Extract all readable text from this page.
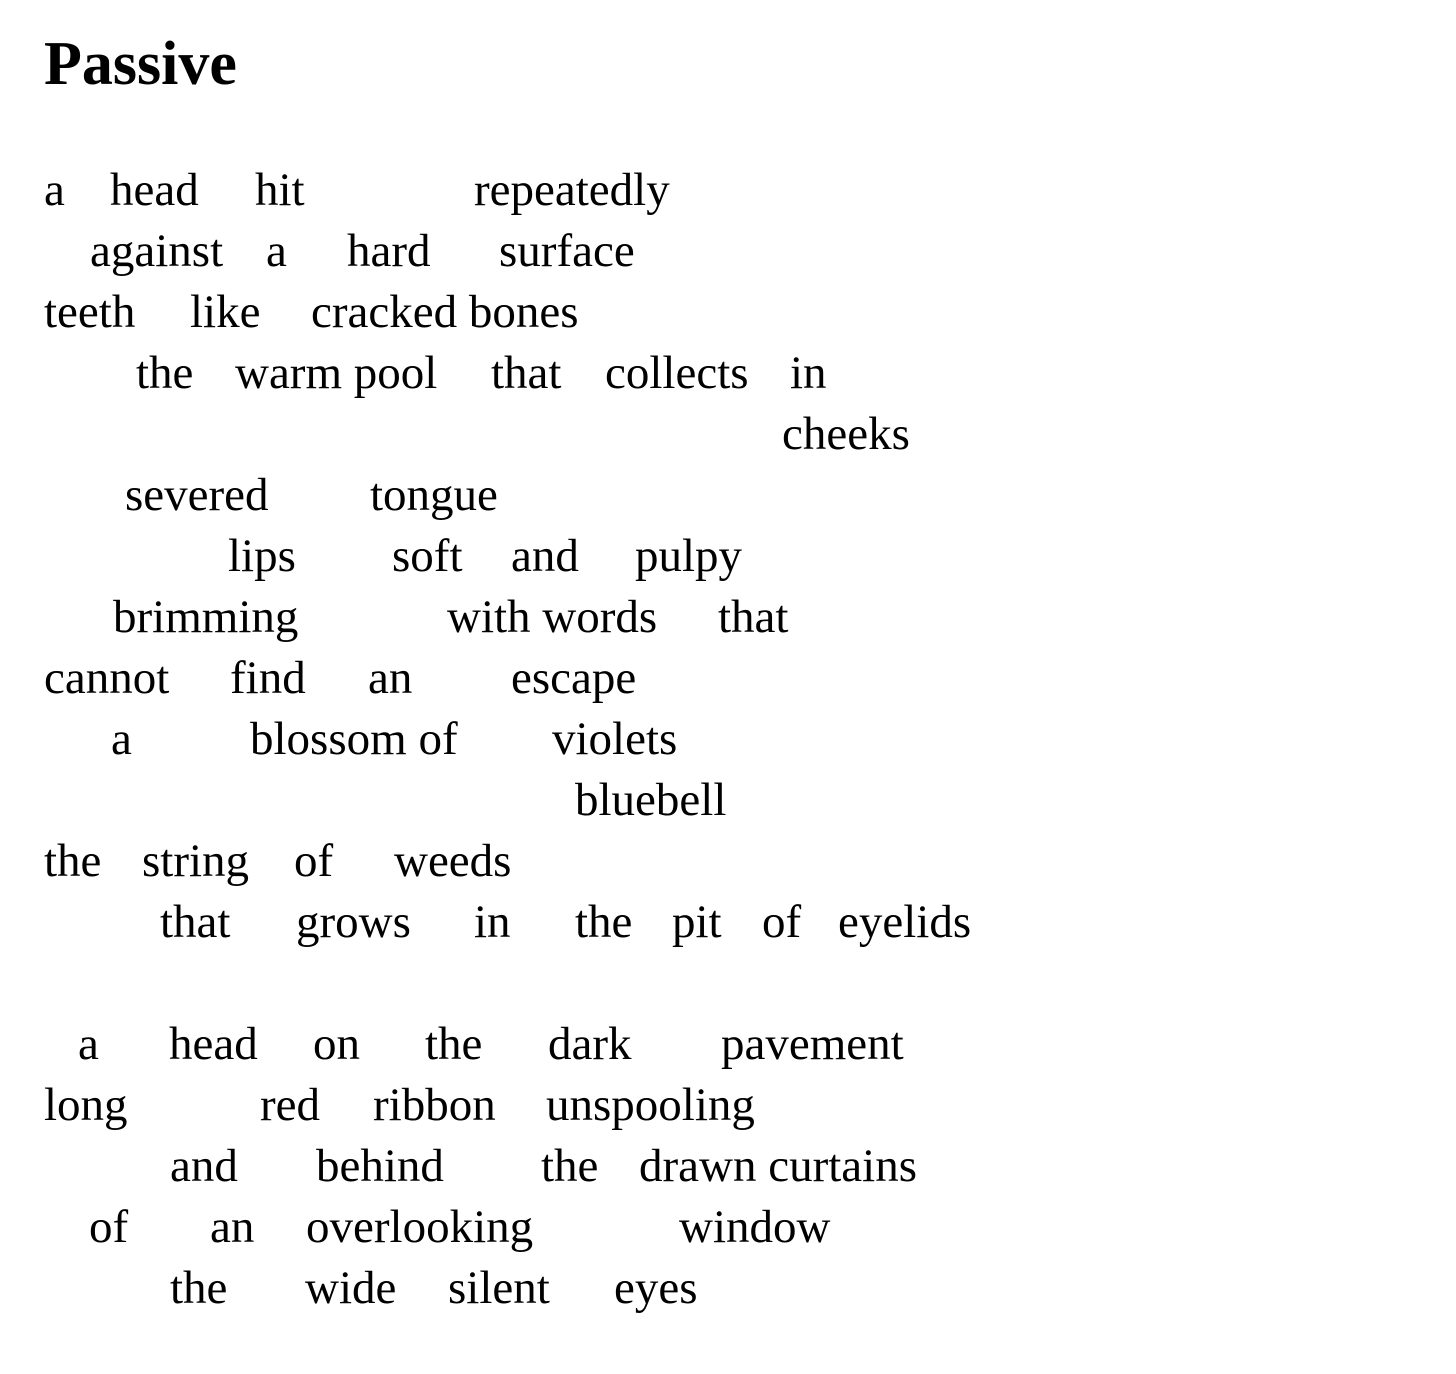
Passive
a head hit	repeatedly
against a hard surface
teeth like cracked bones
the warm pool that collects in
cheeks
severed tongue
lips soft and pulpy
brimming	with words that
cannot find an escape
a	blossom of violets
bluebell
the string of weeds
that grows in the pit of eyelids
a head on the dark pavement
long	red ribbon unspooling
and behind the drawn curtains
of an overlooking	window
the wide silent eyes
